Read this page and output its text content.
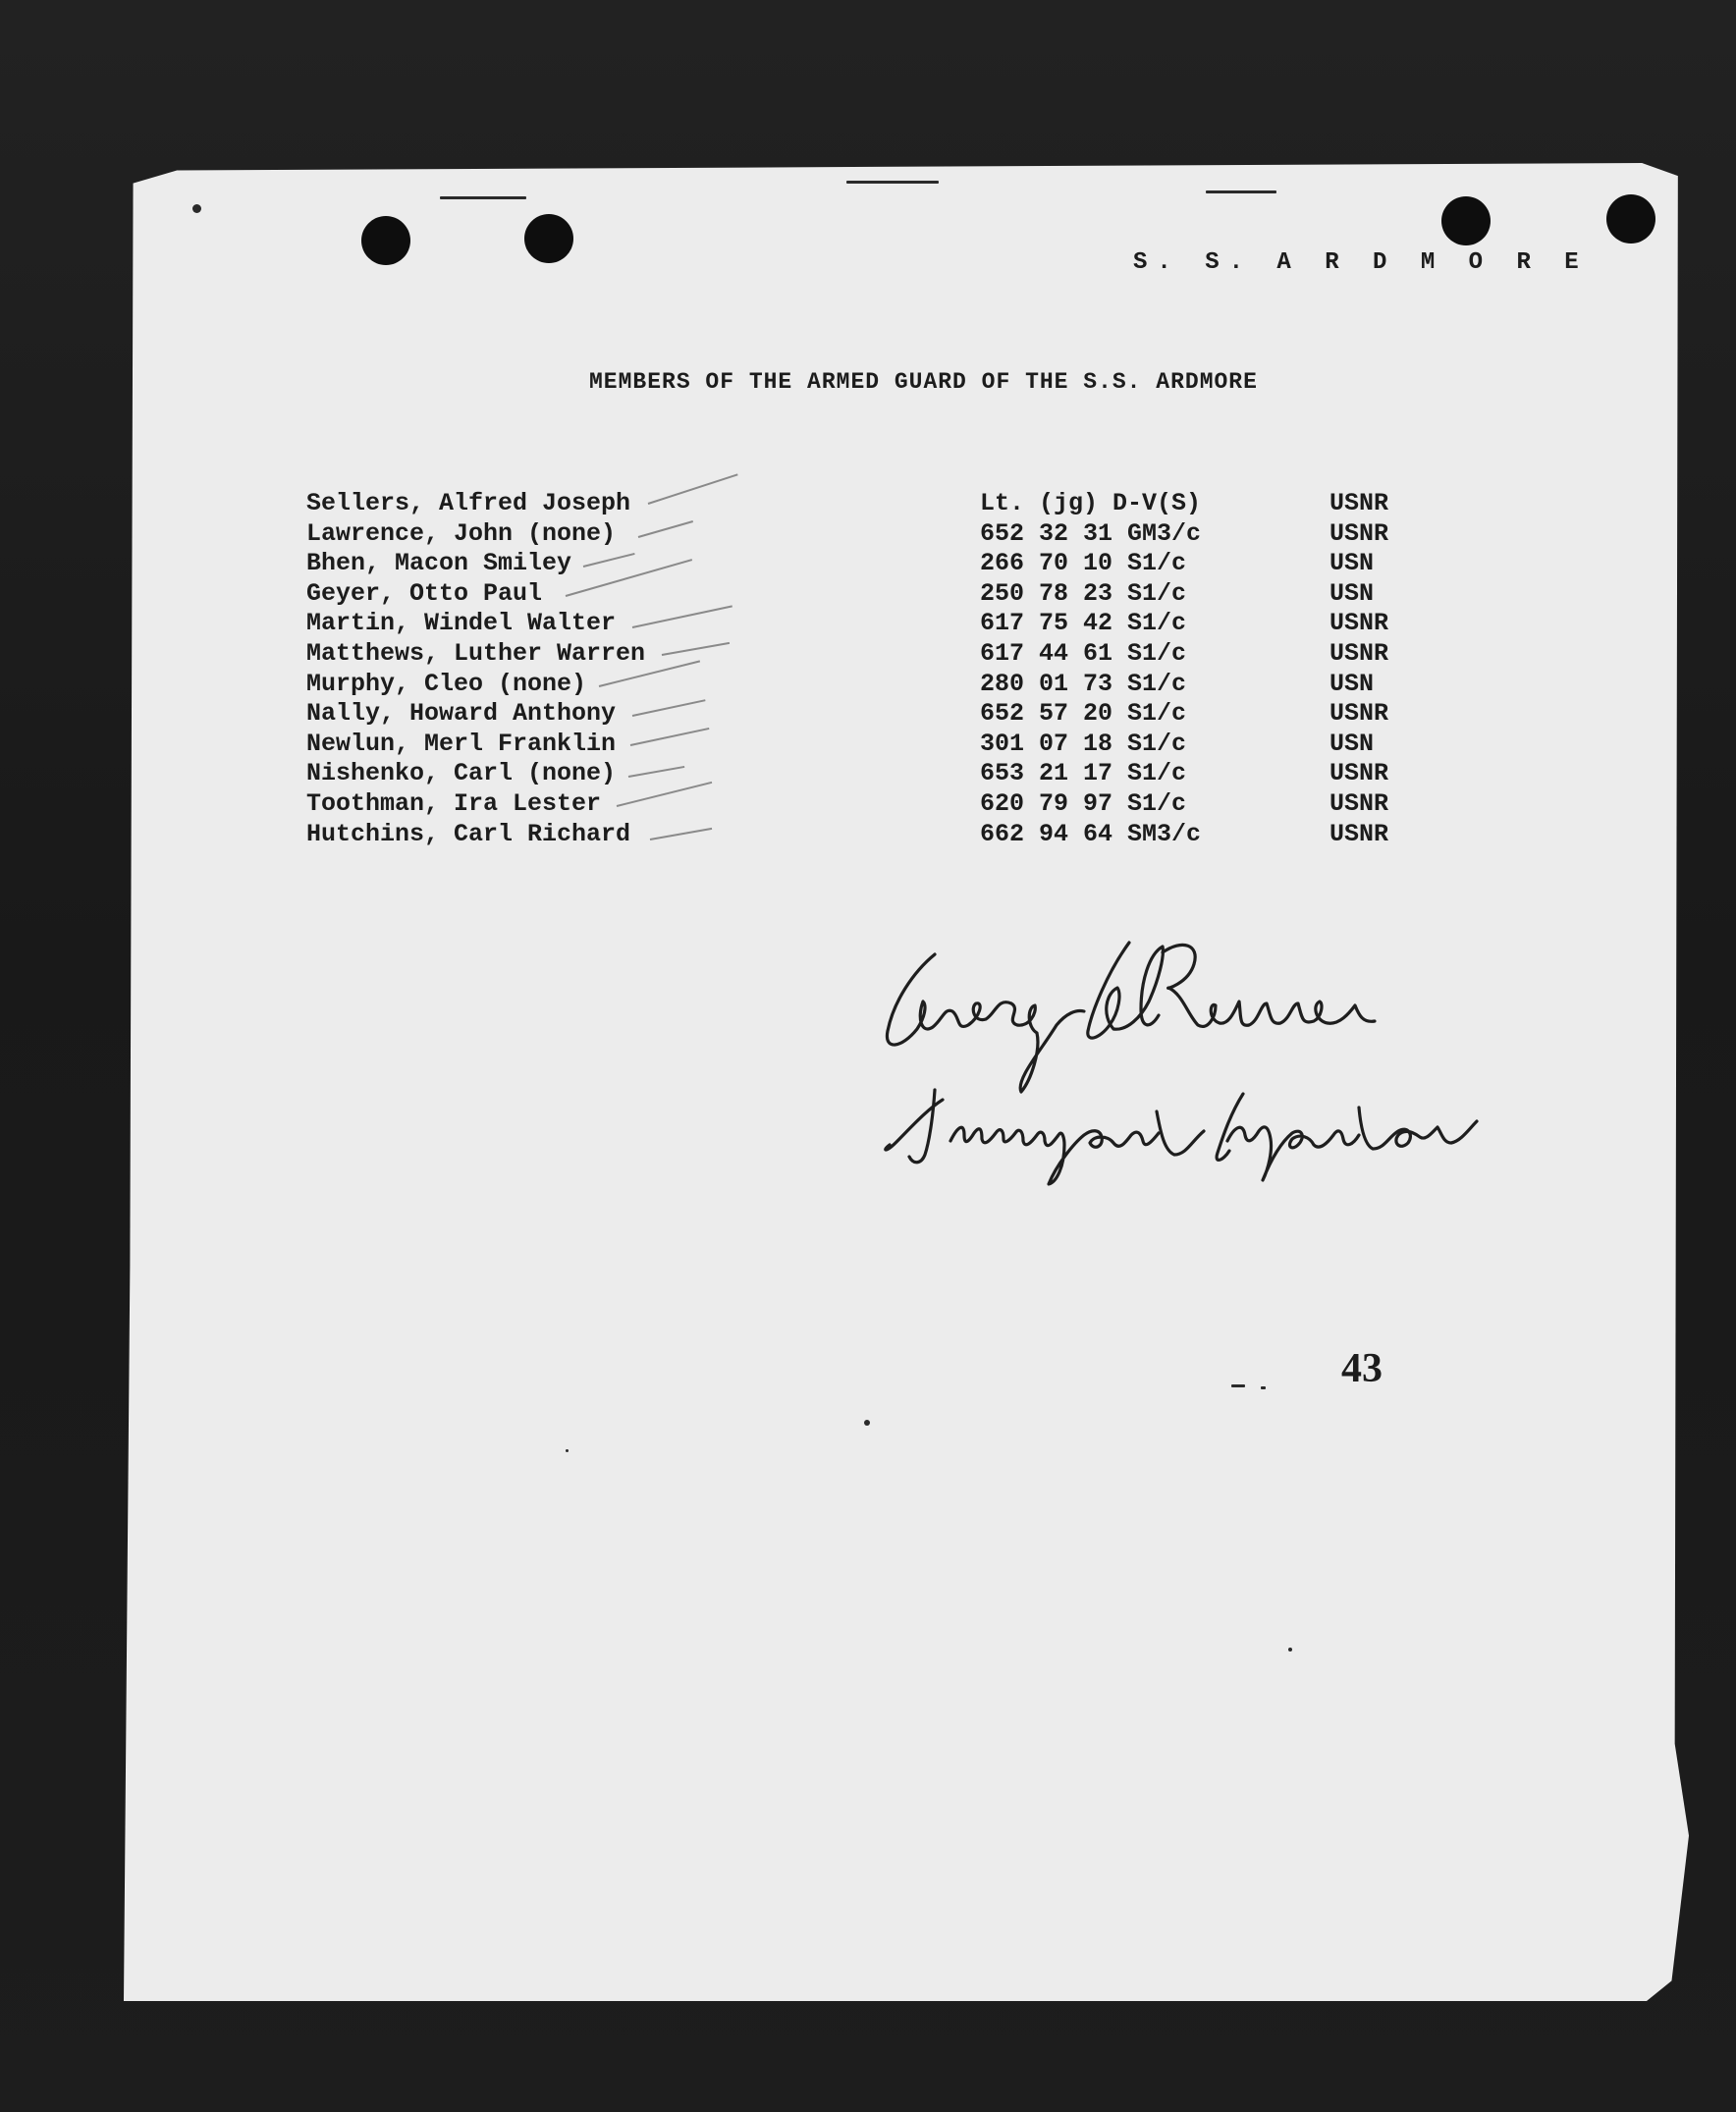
S. S. A R D M O R E
MEMBERS OF THE ARMED GUARD OF THE S.S. ARDMORE
Sellers, Alfred Joseph	Lt. (jg) D-V(S)	USNR
Lawrence, John (none)	652 32 31 GM3/c	USNR
Bhen, Macon Smiley	266 70 10 S1/c	USN
Geyer, Otto Paul	250 78 23 S1/c	USN
Martin, Windel Walter	617 75 42 S1/c	USNR
Matthews, Luther Warren	617 44 61 S1/c	USNR
Murphy, Cleo (none)	280 01 73 S1/c	USN
Nally, Howard Anthony	652 57 20 S1/c	USNR
Newlun, Merl Franklin	301 07 18 S1/c	USN
Nishenko, Carl (none)	653 21 17 S1/c	USNR
Toothman, Ira Lester	620 79 97 S1/c	USNR
Hutchins, Carl Richard	662 94 64 SM3/c	USNR
43
